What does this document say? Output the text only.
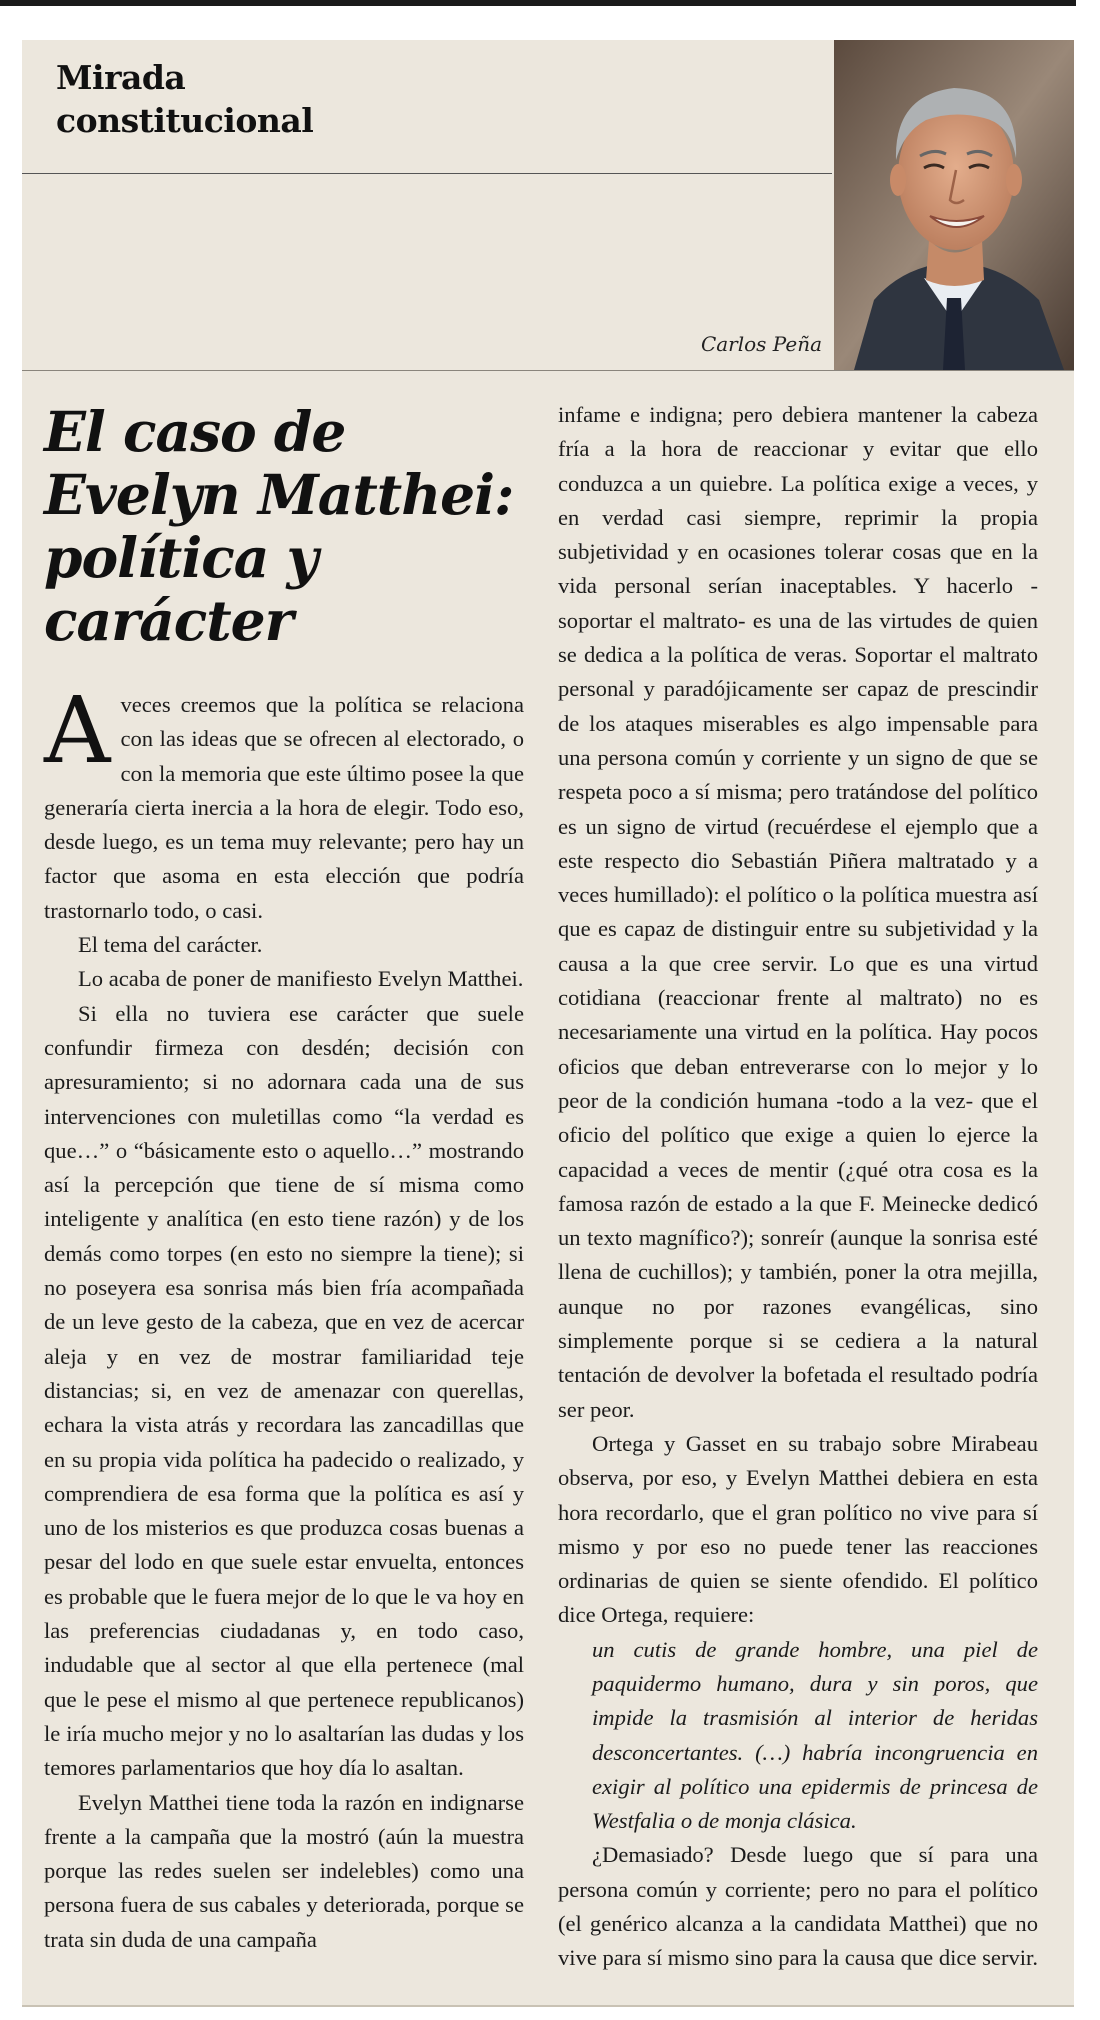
Mirada
constitucional
Carlos Peña
El caso de
Evelyn Matthei:
política y
carácter

Aveces creemos que la política se relaciona con las ideas que se ofrecen al electorado, o con la memoria que este último posee la que generaría cierta inercia a la hora de elegir. Todo eso, desde luego, es un tema muy relevante; pero hay un factor que asoma en esta elección que podría trastornarlo todo, o casi.

El tema del carácter.

Lo acaba de poner de manifiesto Evelyn Matthei.

Si ella no tuviera ese carácter que suele confundir firmeza con desdén; decisión con apresuramiento; si no adornara cada una de sus intervenciones con muletillas como “la verdad es que…” o “básicamente esto o aquello…” mostrando así la percepción que tiene de sí misma como inteligente y analítica (en esto tiene razón) y de los demás como torpes (en esto no siempre la tiene); si no poseyera esa sonrisa más bien fría acompañada de un leve gesto de la cabeza, que en vez de acercar aleja y en vez de mostrar familiaridad teje distancias; si, en vez de amenazar con querellas, echara la vista atrás y recordara las zancadillas que en su propia vida política ha padecido o realizado, y comprendiera de esa forma que la política es así y uno de los misterios es que produzca cosas buenas a pesar del lodo en que suele estar envuelta, entonces es probable que le fuera mejor de lo que le va hoy en las preferencias ciudadanas y, en todo caso, indudable que al sector al que ella pertenece (mal que le pese el mismo al que pertenece republicanos) le iría mucho mejor y no lo asaltarían las dudas y los temores parlamentarios que hoy día lo asaltan.

Evelyn Matthei tiene toda la razón en indignarse frente a la campaña que la mostró (aún la muestra porque las redes suelen ser indelebles) como una persona fuera de sus cabales y deteriorada, porque se trata sin duda de una campaña

infame e indigna; pero debiera mantener la cabeza fría a la hora de reaccionar y evitar que ello conduzca a un quiebre. La política exige a veces, y en verdad casi siempre, reprimir la propia subjetividad y en ocasiones tolerar cosas que en la vida personal serían inaceptables. Y hacerlo -soportar el maltrato- es una de las virtudes de quien se dedica a la política de veras. Soportar el maltrato personal y paradójicamente ser capaz de prescindir de los ataques miserables es algo impensable para una persona común y corriente y un signo de que se respeta poco a sí misma; pero tratándose del político es un signo de virtud (recuérdese el ejemplo que a este respecto dio Sebastián Piñera maltratado y a veces humillado): el político o la política muestra así que es capaz de distinguir entre su subjetividad y la causa a la que cree servir. Lo que es una virtud cotidiana (reaccionar frente al maltrato) no es necesariamente una virtud en la política. Hay pocos oficios que deban entreverarse con lo mejor y lo peor de la condición humana -todo a la vez- que el oficio del político que exige a quien lo ejerce la capacidad a veces de mentir (¿qué otra cosa es la famosa razón de estado a la que F. Meinecke dedicó un texto magnífico?); sonreír (aunque la sonrisa esté llena de cuchillos); y también, poner la otra mejilla, aunque no por razones evangélicas, sino simplemente porque si se cediera a la natural tentación de devolver la bofetada el resultado podría ser peor.

Ortega y Gasset en su trabajo sobre Mirabeau observa, por eso, y Evelyn Matthei debiera en esta hora recordarlo, que el gran político no vive para sí mismo y por eso no puede tener las reacciones ordinarias de quien se siente ofendido. El político dice Ortega, requiere:

un cutis de grande hombre, una piel de paquidermo humano, dura y sin poros, que impide la trasmisión al interior de heridas desconcertantes. (…) habría incongruencia en exigir al político una epidermis de princesa de Westfalia o de monja clásica.

¿Demasiado? Desde luego que sí para una persona común y corriente; pero no para el político (el genérico alcanza a la candidata Matthei) que no vive para sí mismo sino para la causa que dice servir.
